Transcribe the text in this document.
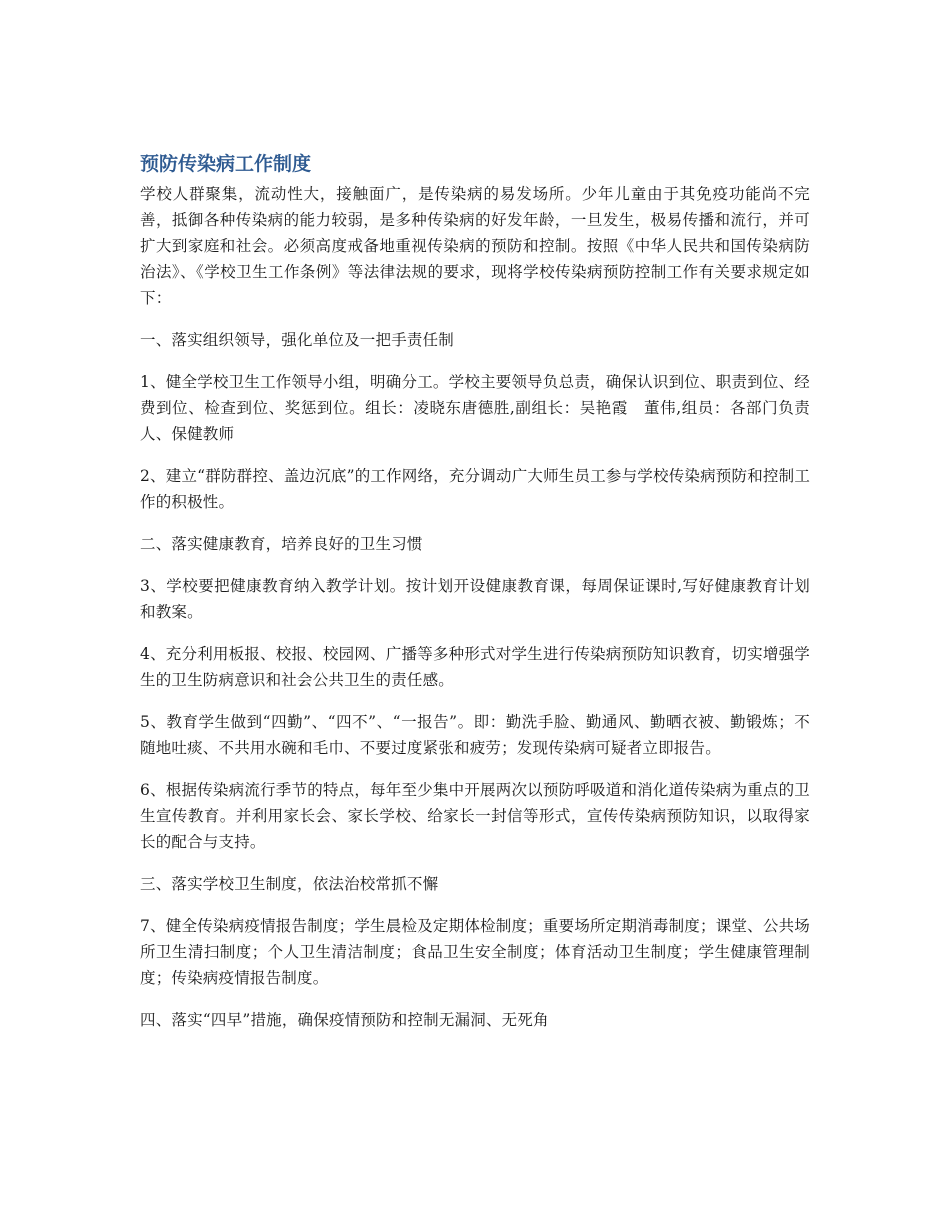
预防传染病工作制度

学校人群聚集，流动性大，接触面广，是传染病的易发场所。少年儿童由于其免疫功能尚不完善，抵御各种传染病的能力较弱，是多种传染病的好发年龄，一旦发生，极易传播和流行，并可扩大到家庭和社会。必须高度戒备地重视传染病的预防和控制。按照《中华人民共和国传染病防治法》、《学校卫生工作条例》等法律法规的要求，现将学校传染病预防控制工作有关要求规定如下：

一、落实组织领导，强化单位及一把手责任制

1、健全学校卫生工作领导小组，明确分工。学校主要领导负总责，确保认识到位、职责到位、经费到位、检查到位、奖惩到位。组长：凌晓东唐德胜,副组长：吴艳霞　董伟,组员：各部门负责人、保健教师

2、建立“群防群控、盖边沉底”的工作网络，充分调动广大师生员工参与学校传染病预防和控制工作的积极性。

二、落实健康教育，培养良好的卫生习惯

3、学校要把健康教育纳入教学计划。按计划开设健康教育课，每周保证课时,写好健康教育计划和教案。

4、充分利用板报、校报、校园网、广播等多种形式对学生进行传染病预防知识教育，切实增强学生的卫生防病意识和社会公共卫生的责任感。

5、教育学生做到“四勤”、“四不”、“一报告”。即：勤洗手脸、勤通风、勤晒衣被、勤锻炼；不随地吐痰、不共用水碗和毛巾、不要过度紧张和疲劳；发现传染病可疑者立即报告。

6、根据传染病流行季节的特点，每年至少集中开展两次以预防呼吸道和消化道传染病为重点的卫生宣传教育。并利用家长会、家长学校、给家长一封信等形式，宣传传染病预防知识，以取得家长的配合与支持。

三、落实学校卫生制度，依法治校常抓不懈

7、健全传染病疫情报告制度；学生晨检及定期体检制度；重要场所定期消毒制度；课堂、公共场所卫生清扫制度；个人卫生清洁制度；食品卫生安全制度；体育活动卫生制度；学生健康管理制度；传染病疫情报告制度。

四、落实“四早”措施，确保疫情预防和控制无漏洞、无死角
